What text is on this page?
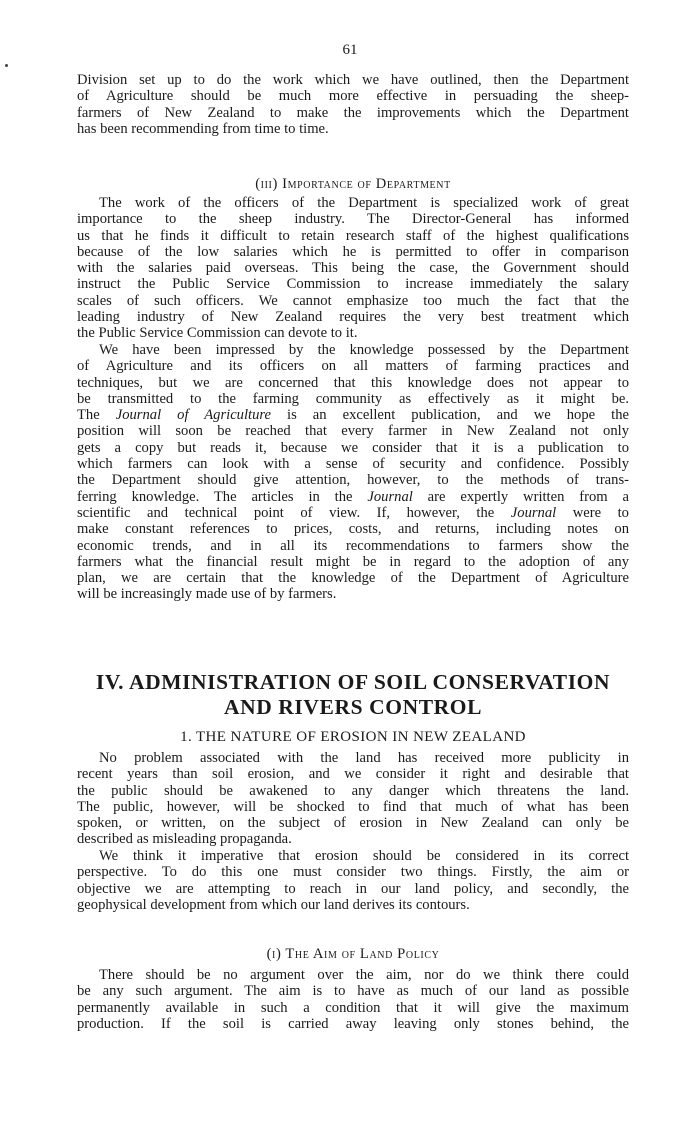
61
Division set up to do the work which we have outlined, then the Department
of Agriculture should be much more effective in persuading the sheep-
farmers of New Zealand to make the improvements which the Department
has been recommending from time to time.
(iii) Importance of Department
The work of the officers of the Department is specialized work of great
importance to the sheep industry. The Director-General has informed
us that he finds it difficult to retain research staff of the highest qualifications
because of the low salaries which he is permitted to offer in comparison
with the salaries paid overseas. This being the case, the Government should
instruct the Public Service Commission to increase immediately the salary
scales of such officers. We cannot emphasize too much the fact that the
leading industry of New Zealand requires the very best treatment which
the Public Service Commission can devote to it.
We have been impressed by the knowledge possessed by the Department
of Agriculture and its officers on all matters of farming practices and
techniques, but we are concerned that this knowledge does not appear to
be transmitted to the farming community as effectively as it might be.
The Journal of Agriculture is an excellent publication, and we hope the
position will soon be reached that every farmer in New Zealand not only
gets a copy but reads it, because we consider that it is a publication to
which farmers can look with a sense of security and confidence. Possibly
the Department should give attention, however, to the methods of trans-
ferring knowledge. The articles in the Journal are expertly written from a
scientific and technical point of view. If, however, the Journal were to
make constant references to prices, costs, and returns, including notes on
economic trends, and in all its recommendations to farmers show the
farmers what the financial result might be in regard to the adoption of any
plan, we are certain that the knowledge of the Department of Agriculture
will be increasingly made use of by farmers.
IV. ADMINISTRATION OF SOIL CONSERVATION
AND RIVERS CONTROL
1. THE NATURE OF EROSION IN NEW ZEALAND
No problem associated with the land has received more publicity in
recent years than soil erosion, and we consider it right and desirable that
the public should be awakened to any danger which threatens the land.
The public, however, will be shocked to find that much of what has been
spoken, or written, on the subject of erosion in New Zealand can only be
described as misleading propaganda.
We think it imperative that erosion should be considered in its correct
perspective. To do this one must consider two things. Firstly, the aim or
objective we are attempting to reach in our land policy, and secondly, the
geophysical development from which our land derives its contours.
(i) The Aim of Land Policy
There should be no argument over the aim, nor do we think there could
be any such argument. The aim is to have as much of our land as possible
permanently available in such a condition that it will give the maximum
production. If the soil is carried away leaving only stones behind, the
